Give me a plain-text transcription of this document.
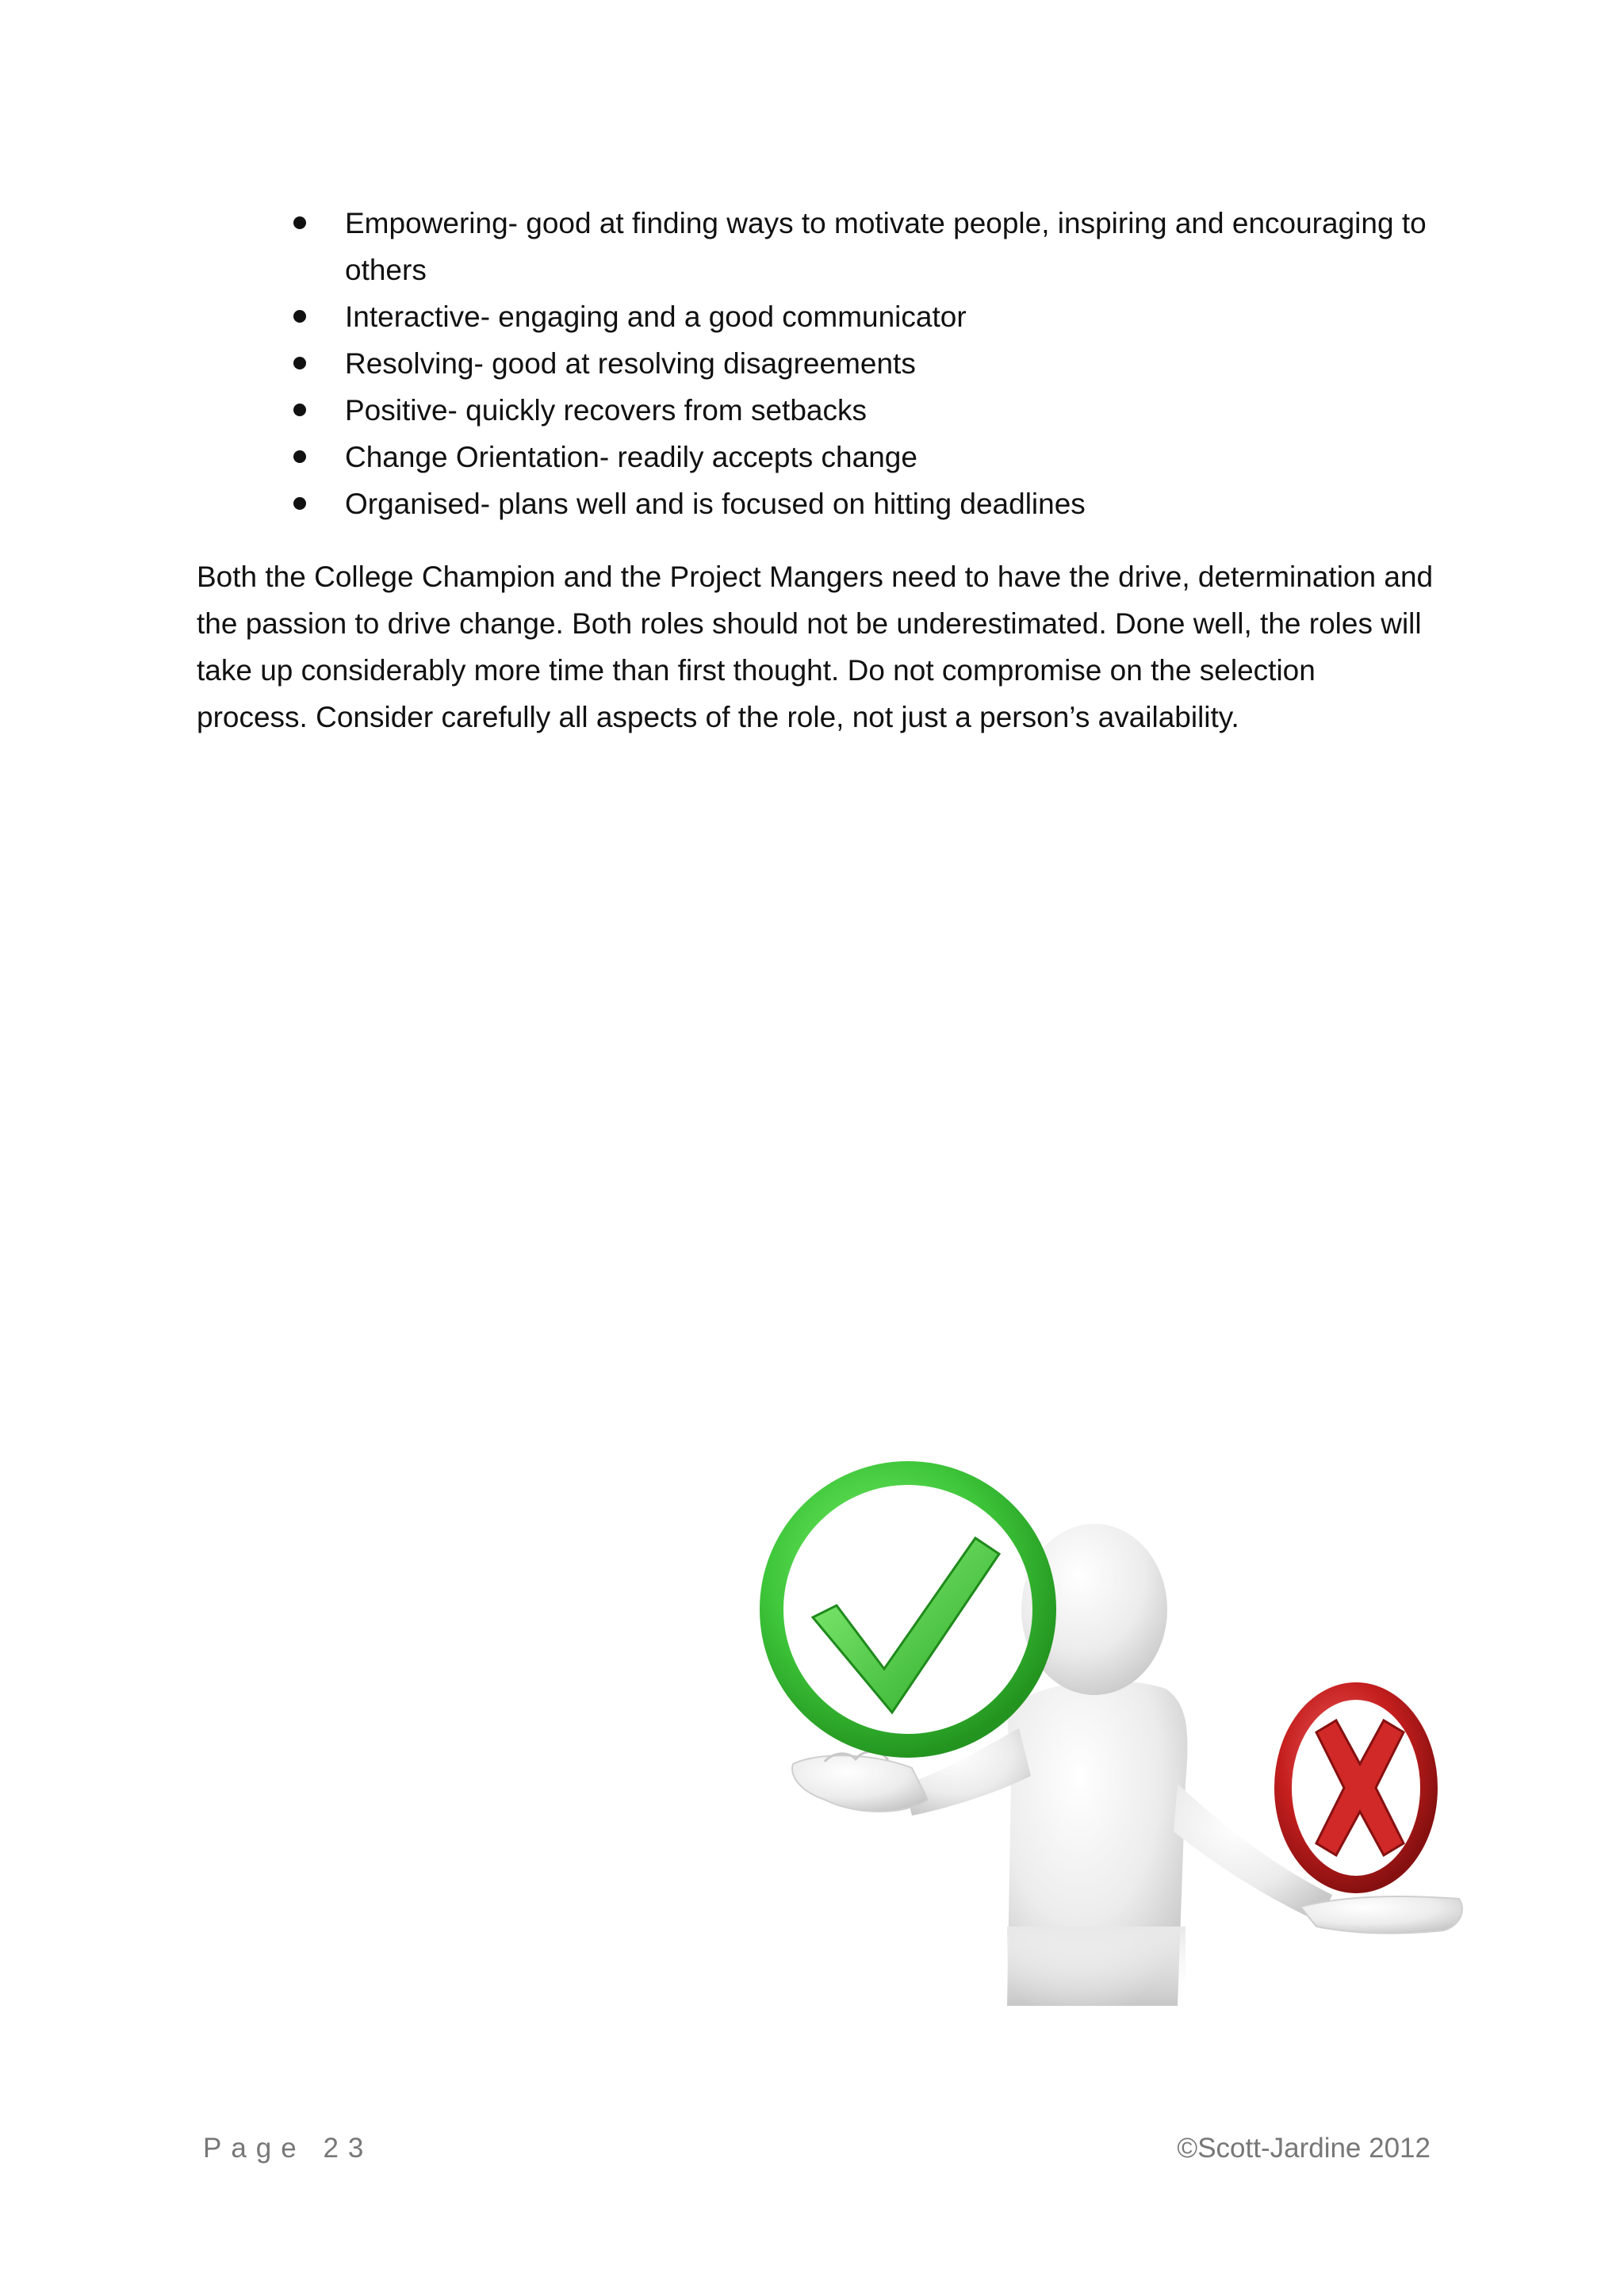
Empowering- good at finding ways to motivate people, inspiring and encouraging to others
Interactive- engaging and a good communicator
Resolving- good at resolving disagreements
Positive- quickly recovers from setbacks
Change Orientation- readily accepts change
Organised- plans well and is focused on hitting deadlines

Both the College Champion and the Project Mangers need to have the drive, determination and the passion to drive change. Both roles should not be underestimated. Done well, the roles will take up considerably more time than first thought. Do not compromise on the selection process. Consider carefully all aspects of the role, not just a person’s availability.

Page 23	©Scott-Jardine 2012
